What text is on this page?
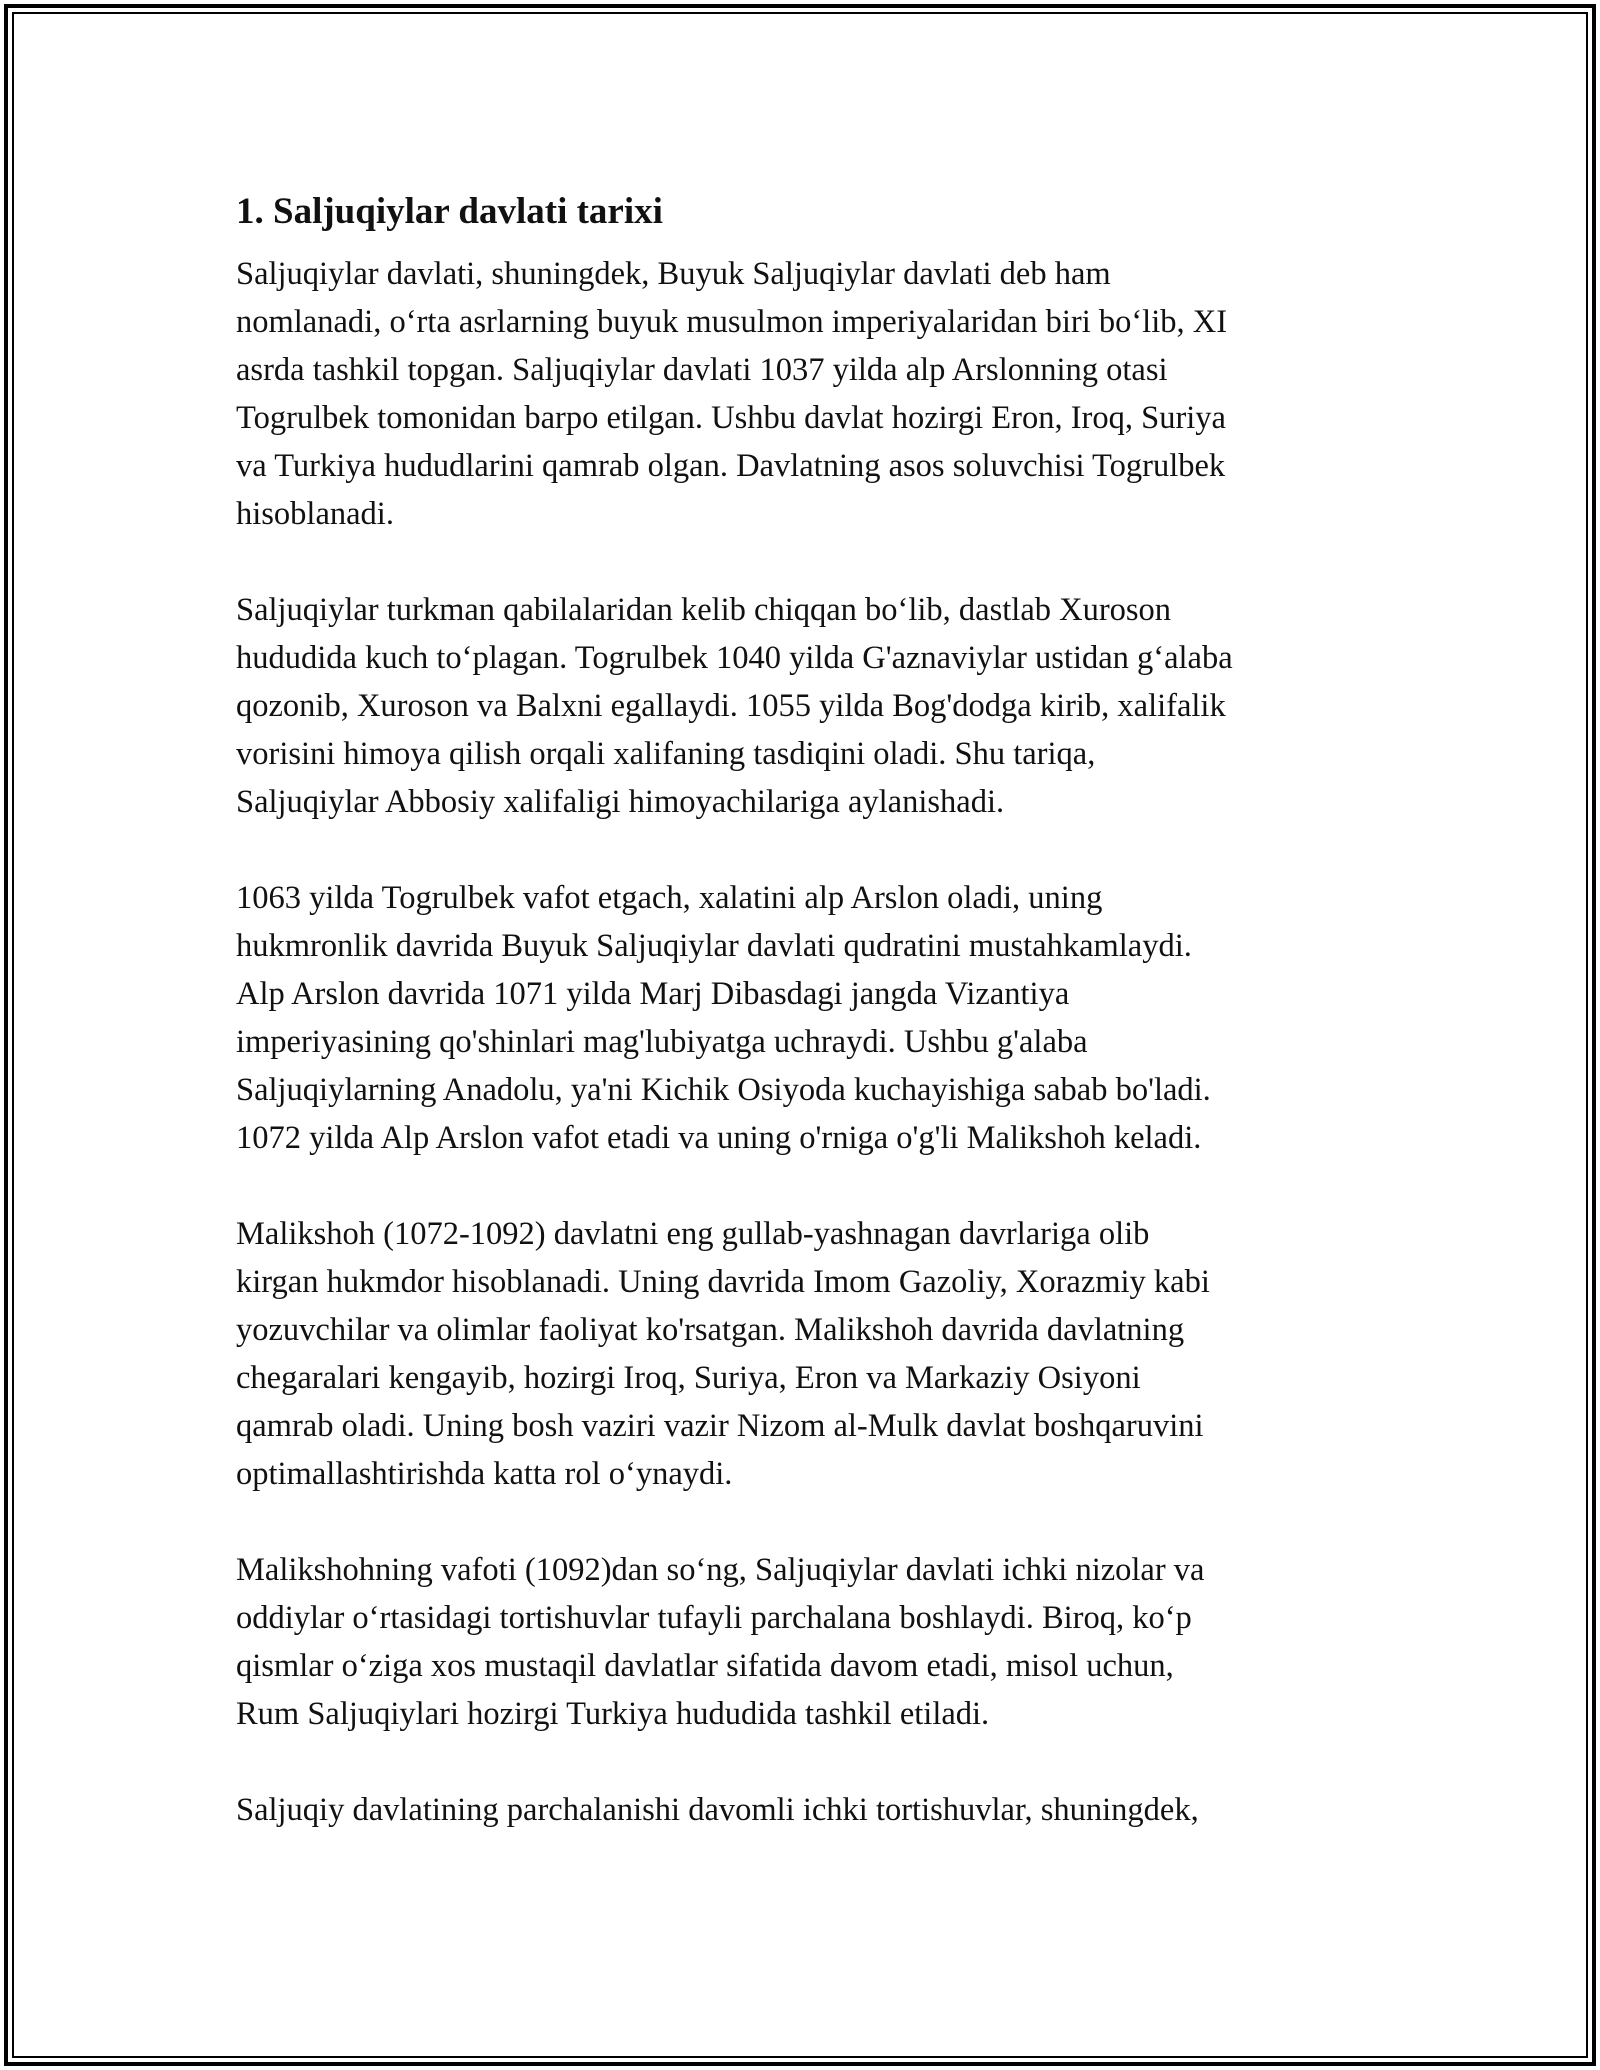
1. Saljuqiylar davlati tarixi

Saljuqiylar davlati, shuningdek, Buyuk Saljuqiylar davlati deb ham
nomlanadi, o‘rta asrlarning buyuk musulmon imperiyalaridan biri bo‘lib, XI
asrda tashkil topgan. Saljuqiylar davlati 1037 yilda alp Arslonning otasi
Togrulbek tomonidan barpo etilgan. Ushbu davlat hozirgi Eron, Iroq, Suriya
va Turkiya hududlarini qamrab olgan. Davlatning asos soluvchisi Togrulbek
hisoblanadi.

Saljuqiylar turkman qabilalaridan kelib chiqqan bo‘lib, dastlab Xuroson
hududida kuch to‘plagan. Togrulbek 1040 yilda G'aznaviylar ustidan g‘alaba
qozonib, Xuroson va Balxni egallaydi. 1055 yilda Bog'dodga kirib, xalifalik
vorisini himoya qilish orqali xalifaning tasdiqini oladi. Shu tariqa,
Saljuqiylar Abbosiy xalifaligi himoyachilariga aylanishadi.

1063 yilda Togrulbek vafot etgach, xalatini alp Arslon oladi, uning
hukmronlik davrida Buyuk Saljuqiylar davlati qudratini mustahkamlaydi.
Alp Arslon davrida 1071 yilda Marj Dibasdagi jangda Vizantiya
imperiyasining qo'shinlari mag'lubiyatga uchraydi. Ushbu g'alaba
Saljuqiylarning Anadolu, ya'ni Kichik Osiyoda kuchayishiga sabab bo'ladi.
1072 yilda Alp Arslon vafot etadi va uning o'rniga o'g'li Malikshoh keladi.

Malikshoh (1072-1092) davlatni eng gullab-yashnagan davrlariga olib
kirgan hukmdor hisoblanadi. Uning davrida Imom Gazoliy, Xorazmiy kabi
yozuvchilar va olimlar faoliyat ko'rsatgan. Malikshoh davrida davlatning
chegaralari kengayib, hozirgi Iroq, Suriya, Eron va Markaziy Osiyoni
qamrab oladi. Uning bosh vaziri vazir Nizom al-Mulk davlat boshqaruvini
optimallashtirishda katta rol o‘ynaydi.

Malikshohning vafoti (1092)dan so‘ng, Saljuqiylar davlati ichki nizolar va
oddiylar o‘rtasidagi tortishuvlar tufayli parchalana boshlaydi. Biroq, ko‘p
qismlar o‘ziga xos mustaqil davlatlar sifatida davom etadi, misol uchun,
Rum Saljuqiylari hozirgi Turkiya hududida tashkil etiladi.

Saljuqiy davlatining parchalanishi davomli ichki tortishuvlar, shuningdek,
